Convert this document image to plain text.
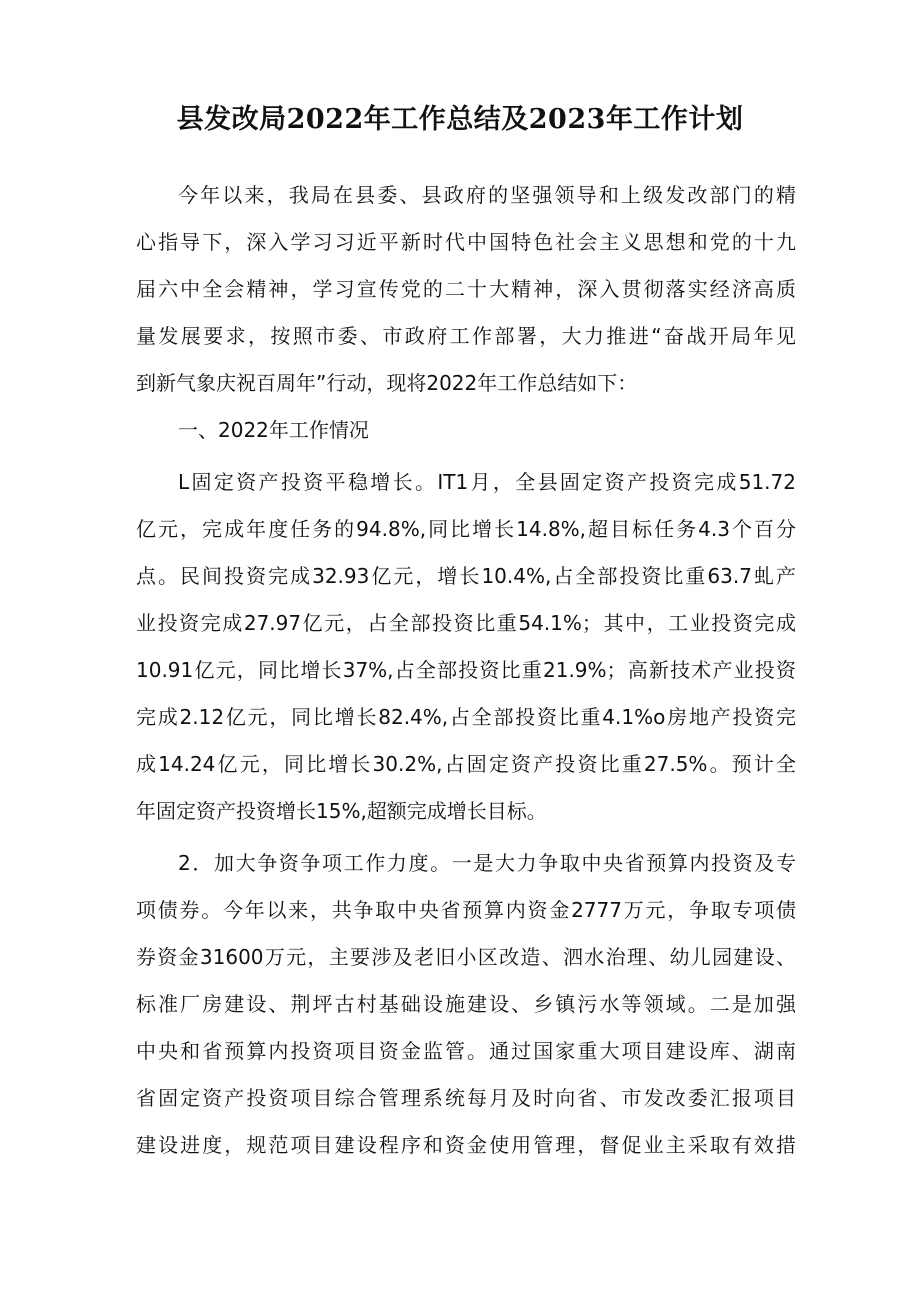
县发改局2022年工作总结及2023年工作计划
今年以来，我局在县委、县政府的坚强领导和上级发改部门的精
心指导下，深入学习习近平新时代中国特色社会主义思想和党的十九
届六中全会精神，学习宣传党的二十大精神，深入贯彻落实经济高质
量发展要求，按照市委、市政府工作部署，大力推进“奋战开局年见
到新气象庆祝百周年”行动，现将2022年工作总结如下：
一、2022年工作情况
L固定资产投资平稳增长。IT1月，全县固定资产投资完成51.72
亿元，完成年度任务的94.8%,同比增长14.8%,超目标任务4.3个百分
点。民间投资完成32.93亿元，增长10.4%,占全部投资比重63.7虬产
业投资完成27.97亿元，占全部投资比重54.1%；其中，工业投资完成
10.91亿元，同比增长37%,占全部投资比重21.9%；高新技术产业投资
完成2.12亿元，同比增长82.4%,占全部投资比重4.1%o房地产投资完
成14.24亿元，同比增长30.2%,占固定资产投资比重27.5%。预计全
年固定资产投资增长15%,超额完成增长目标。
2．加大争资争项工作力度。一是大力争取中央省预算内投资及专
项债券。今年以来，共争取中央省预算内资金2777万元，争取专项债
券资金31600万元，主要涉及老旧小区改造、泗水治理、幼儿园建设、
标准厂房建设、荆坪古村基础设施建设、乡镇污水等领域。二是加强
中央和省预算内投资项目资金监管。通过国家重大项目建设库、湖南
省固定资产投资项目综合管理系统每月及时向省、市发改委汇报项目
建设进度，规范项目建设程序和资金使用管理，督促业主采取有效措
